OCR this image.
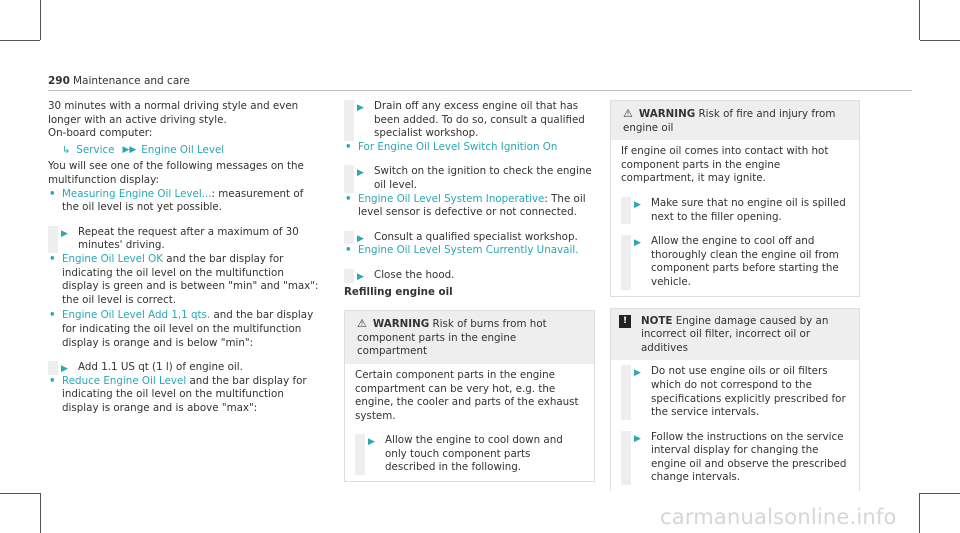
290 Maintenance and care

30 minutes with a normal driving style and even longer with an active driving style.

On-board computer:

↳ Service ▶▶ Engine Oil Level

You will see one of the following messages on the multifunction display:

• Measuring Engine Oil Level...: measurement of the oil level is not yet possible.
▶ Repeat the request after a maximum of 30 minutes' driving.
• Engine Oil Level OK and the bar display for indicating the oil level on the multifunction display is green and is between "min" and "max": the oil level is correct.
• Engine Oil Level Add 1,1 qts. and the bar display for indicating the oil level on the multifunction display is orange and is below "min":
▶ Add 1.1 US qt (1 l) of engine oil.
• Reduce Engine Oil Level and the bar display for indicating the oil level on the multifunction display is orange and is above "max":
▶ Drain off any excess engine oil that has been added. To do so, consult a qualified specialist workshop.
• For Engine Oil Level Switch Ignition On
▶ Switch on the ignition to check the engine oil level.
• Engine Oil Level System Inoperative: The oil level sensor is defective or not connected.
▶ Consult a qualified specialist workshop.
• Engine Oil Level System Currently Unavail.
▶ Close the hood.

Refilling engine oil

⚠ WARNING Risk of burns from hot component parts in the engine compartment

Certain component parts in the engine compartment can be very hot, e.g. the engine, the cooler and parts of the exhaust system.

▶ Allow the engine to cool down and only touch component parts described in the following.
⚠ WARNING Risk of fire and injury from engine oil

If engine oil comes into contact with hot component parts in the engine compartment, it may ignite.

▶ Make sure that no engine oil is spilled next to the filler opening.
▶ Allow the engine to cool off and thoroughly clean the engine oil from component parts before starting the vehicle.
!	NOTE Engine damage caused by an incorrect oil filter, incorrect oil or additives
▶ Do not use engine oils or oil filters which do not correspond to the specifications explicitly prescribed for the service intervals.
▶ Follow the instructions on the service interval display for changing the engine oil and observe the prescribed change intervals.
carmanualsonline.info
